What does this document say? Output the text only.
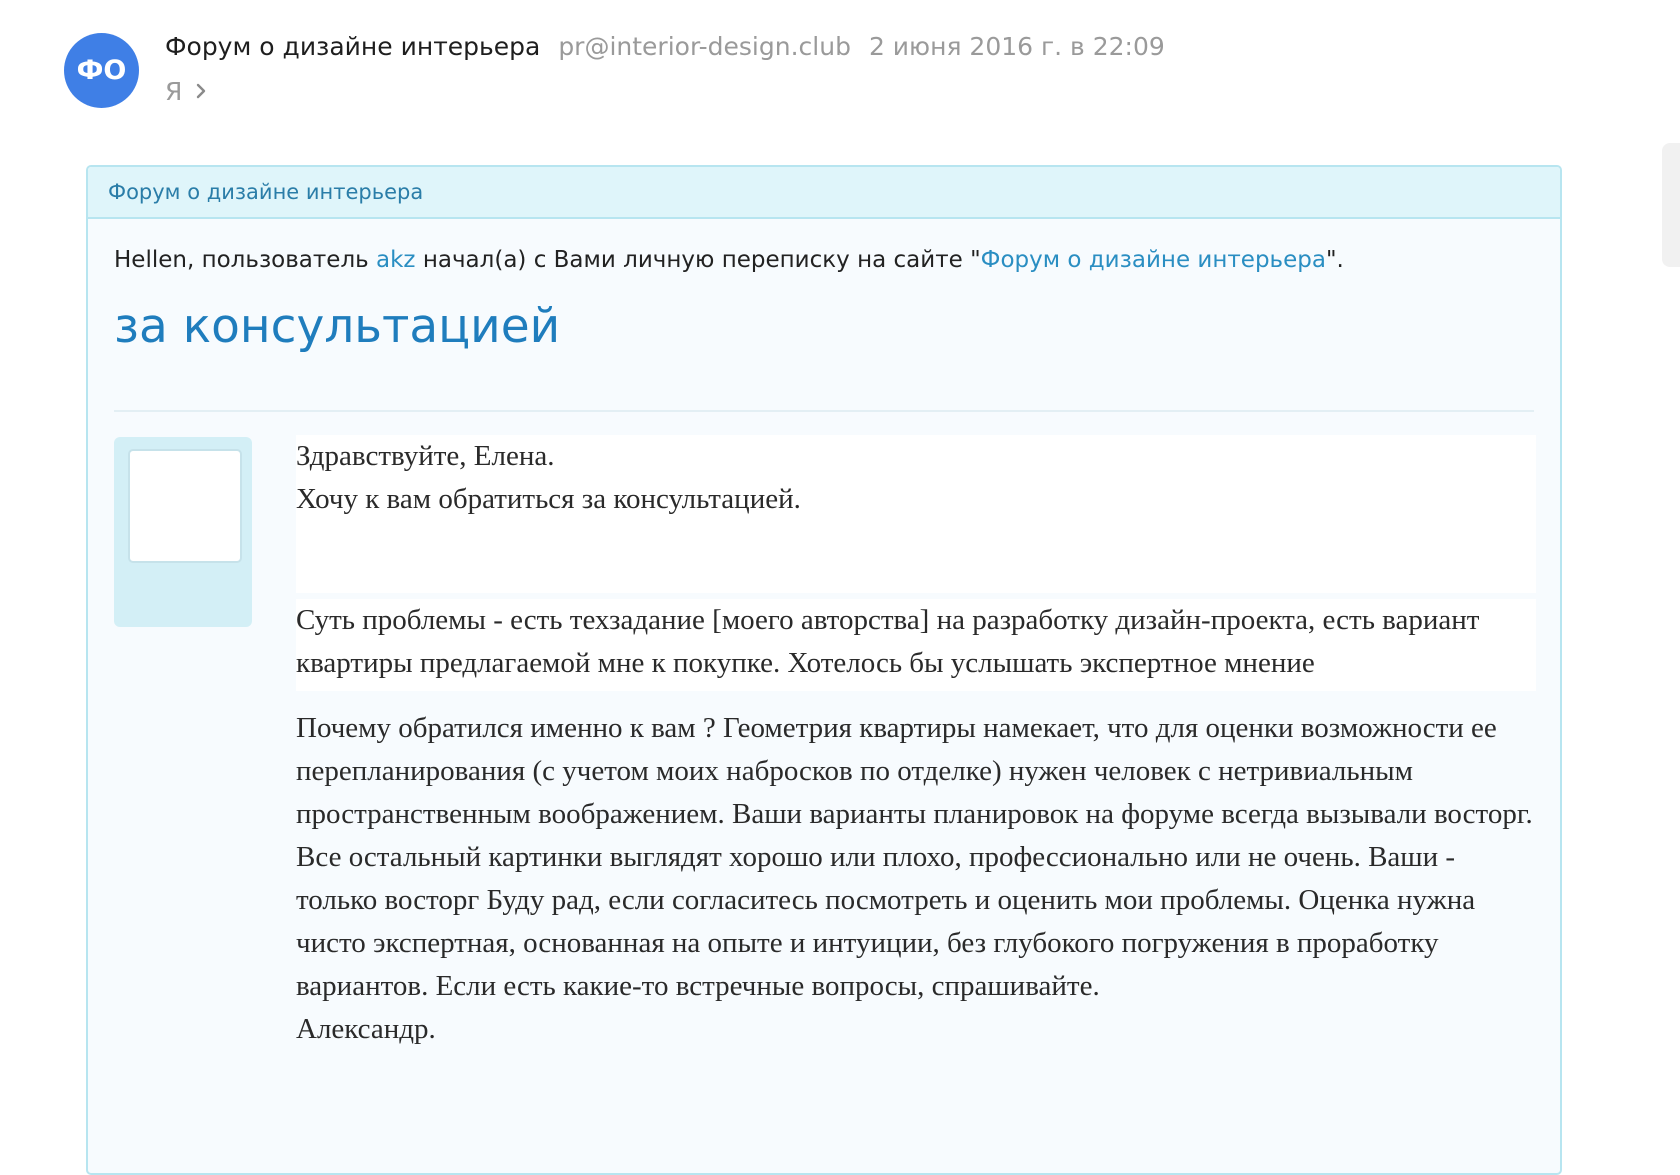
ФО
Форум о дизайне интерьера pr@interior-design.club 2 июня 2016 г. в 22:09
Я
Форум о дизайне интерьера
Hellen, пользователь akz начал(а) с Вами личную переписку на сайте "Форум о дизайне интерьера".
за консультацией

Здравствуйте, Елена.
Хочу к вам обратиться за консультацией.

Суть проблемы - есть техзадание [моего авторства] на разработку дизайн-проекта, есть вариант квартиры предлагаемой мне к покупке. Хотелось бы услышать экспертное мнение

Почему обратился именно к вам ? Геометрия квартиры намекает, что для оценки возможности ее перепланирования (с учетом моих набросков по отделке) нужен человек с нетривиальным пространственным воображением. Ваши варианты планировок на форуме всегда вызывали восторг. Все остальный картинки выглядят хорошо или плохо, профессионально или не очень. Ваши - только восторг Буду рад, если согласитесь посмотреть и оценить мои проблемы. Оценка нужна чисто экспертная, основанная на опыте и интуиции, без глубокого погружения в проработку вариантов. Если есть какие-то встречные вопросы, спрашивайте.
Александр.
